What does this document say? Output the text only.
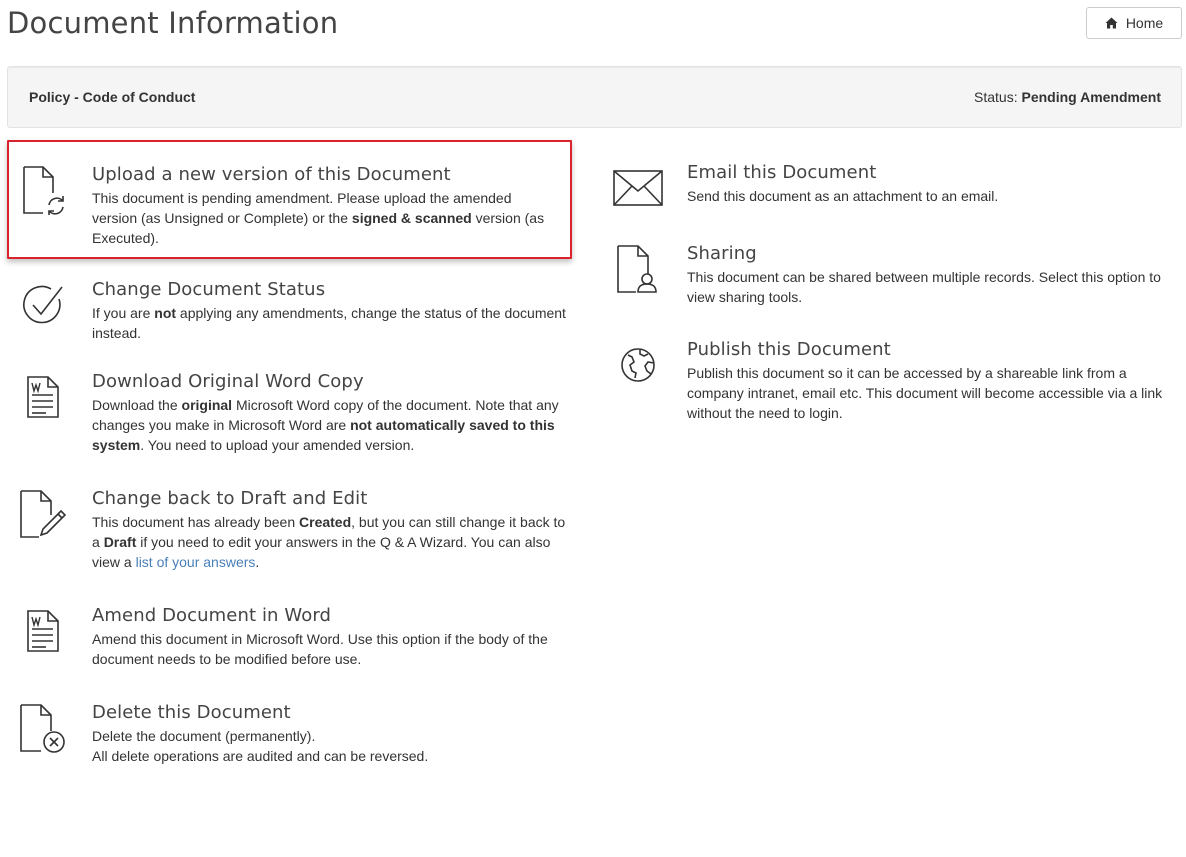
Document Information	Home
Policy - Code of Conduct	Status: Pending Amendment
Upload a new version of this Document
This document is pending amendment. Please upload the amended version (as Unsigned or Complete) or the signed & scanned version (as Executed).
Change Document Status
If you are not applying any amendments, change the status of the document instead.
Download Original Word Copy
Download the original Microsoft Word copy of the document. Note that any changes you make in Microsoft Word are not automatically saved to this system. You need to upload your amended version.
Change back to Draft and Edit
This document has already been Created, but you can still change it back to a Draft if you need to edit your answers in the Q & A Wizard. You can also view a list of your answers.
Amend Document in Word
Amend this document in Microsoft Word. Use this option if the body of the document needs to be modified before use.
Delete this Document
Delete the document (permanently).
All delete operations are audited and can be reversed.
Email this Document
Send this document as an attachment to an email.
Sharing
This document can be shared between multiple records. Select this option to view sharing tools.
Publish this Document
Publish this document so it can be accessed by a shareable link from a company intranet, email etc. This document will become accessible via a link without the need to login.
